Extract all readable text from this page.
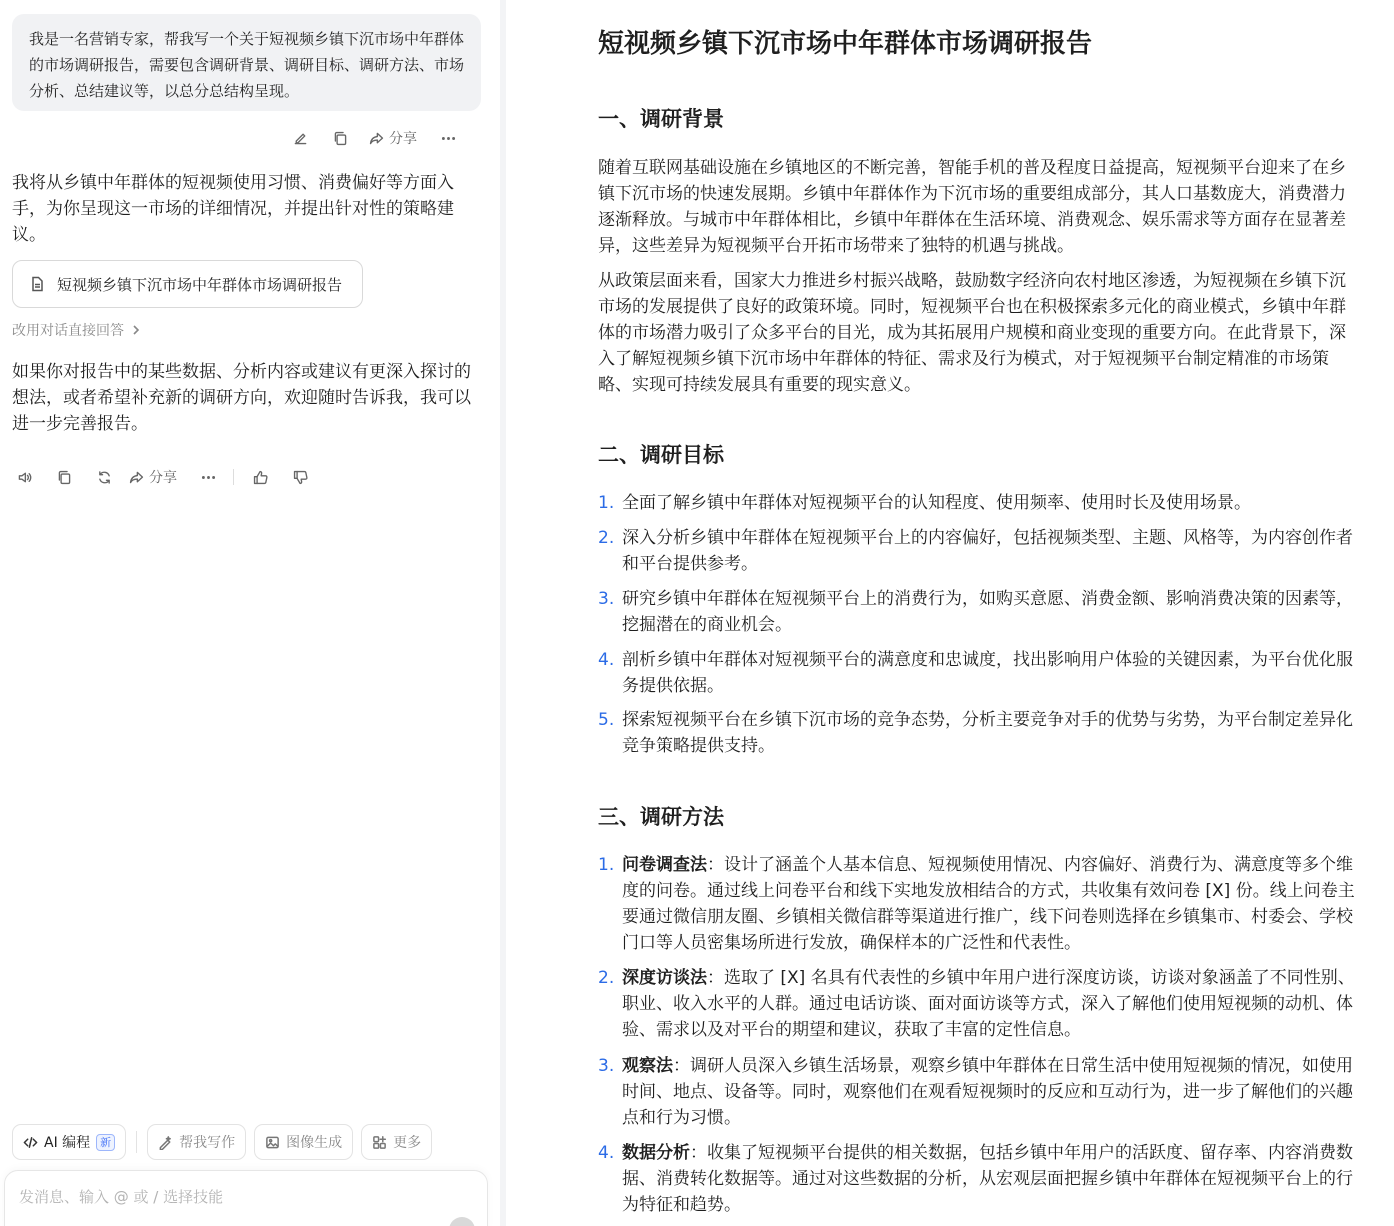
我是一名营销专家，帮我写一个关于短视频乡镇下沉市场中年群体的市场调研报告，需要包含调研背景、调研目标、调研方法、市场分析、总结建议等，以总分总结构呈现。
分享
我将从乡镇中年群体的短视频使用习惯、消费偏好等方面入手，为你呈现这一市场的详细情况，并提出针对性的策略建议。
短视频乡镇下沉市场中年群体市场调研报告
改用对话直接回答
如果你对报告中的某些数据、分析内容或建议有更深入探讨的想法，或者希望补充新的调研方向，欢迎随时告诉我，我可以进一步完善报告。
分享
AI 编程 新	帮我写作	图像生成	更多
发消息、输入 @ 或 / 选择技能
短视频乡镇下沉市场中年群体市场调研报告
一、调研背景

随着互联网基础设施在乡镇地区的不断完善，智能手机的普及程度日益提高，短视频平台迎来了在乡镇下沉市场的快速发展期。乡镇中年群体作为下沉市场的重要组成部分，其人口基数庞大，消费潜力逐渐释放。与城市中年群体相比，乡镇中年群体在生活环境、消费观念、娱乐需求等方面存在显著差异，这些差异为短视频平台开拓市场带来了独特的机遇与挑战。

从政策层面来看，国家大力推进乡村振兴战略，鼓励数字经济向农村地区渗透，为短视频在乡镇下沉市场的发展提供了良好的政策环境。同时，短视频平台也在积极探索多元化的商业模式，乡镇中年群体的市场潜力吸引了众多平台的目光，成为其拓展用户规模和商业变现的重要方向。在此背景下，深入了解短视频乡镇下沉市场中年群体的特征、需求及行为模式，对于短视频平台制定精准的市场策略、实现可持续发展具有重要的现实意义。

二、调研目标
1. 全面了解乡镇中年群体对短视频平台的认知程度、使用频率、使用时长及使用场景。
2. 深入分析乡镇中年群体在短视频平台上的内容偏好，包括视频类型、主题、风格等，为内容创作者和平台提供参考。
3. 研究乡镇中年群体在短视频平台上的消费行为，如购买意愿、消费金额、影响消费决策的因素等，挖掘潜在的商业机会。
4. 剖析乡镇中年群体对短视频平台的满意度和忠诚度，找出影响用户体验的关键因素，为平台优化服务提供依据。
5. 探索短视频平台在乡镇下沉市场的竞争态势，分析主要竞争对手的优势与劣势，为平台制定差异化竞争策略提供支持。
三、调研方法
1. 问卷调查法：设计了涵盖个人基本信息、短视频使用情况、内容偏好、消费行为、满意度等多个维度的问卷。通过线上问卷平台和线下实地发放相结合的方式，共收集有效问卷 [X] 份。线上问卷主要通过微信朋友圈、乡镇相关微信群等渠道进行推广，线下问卷则选择在乡镇集市、村委会、学校门口等人员密集场所进行发放，确保样本的广泛性和代表性。
2. 深度访谈法：选取了 [X] 名具有代表性的乡镇中年用户进行深度访谈，访谈对象涵盖了不同性别、职业、收入水平的人群。通过电话访谈、面对面访谈等方式，深入了解他们使用短视频的动机、体验、需求以及对平台的期望和建议，获取了丰富的定性信息。
3. 观察法：调研人员深入乡镇生活场景，观察乡镇中年群体在日常生活中使用短视频的情况，如使用时间、地点、设备等。同时，观察他们在观看短视频时的反应和互动行为，进一步了解他们的兴趣点和行为习惯。
4. 数据分析：收集了短视频平台提供的相关数据，包括乡镇中年用户的活跃度、留存率、内容消费数据、消费转化数据等。通过对这些数据的分析，从宏观层面把握乡镇中年群体在短视频平台上的行为特征和趋势。
